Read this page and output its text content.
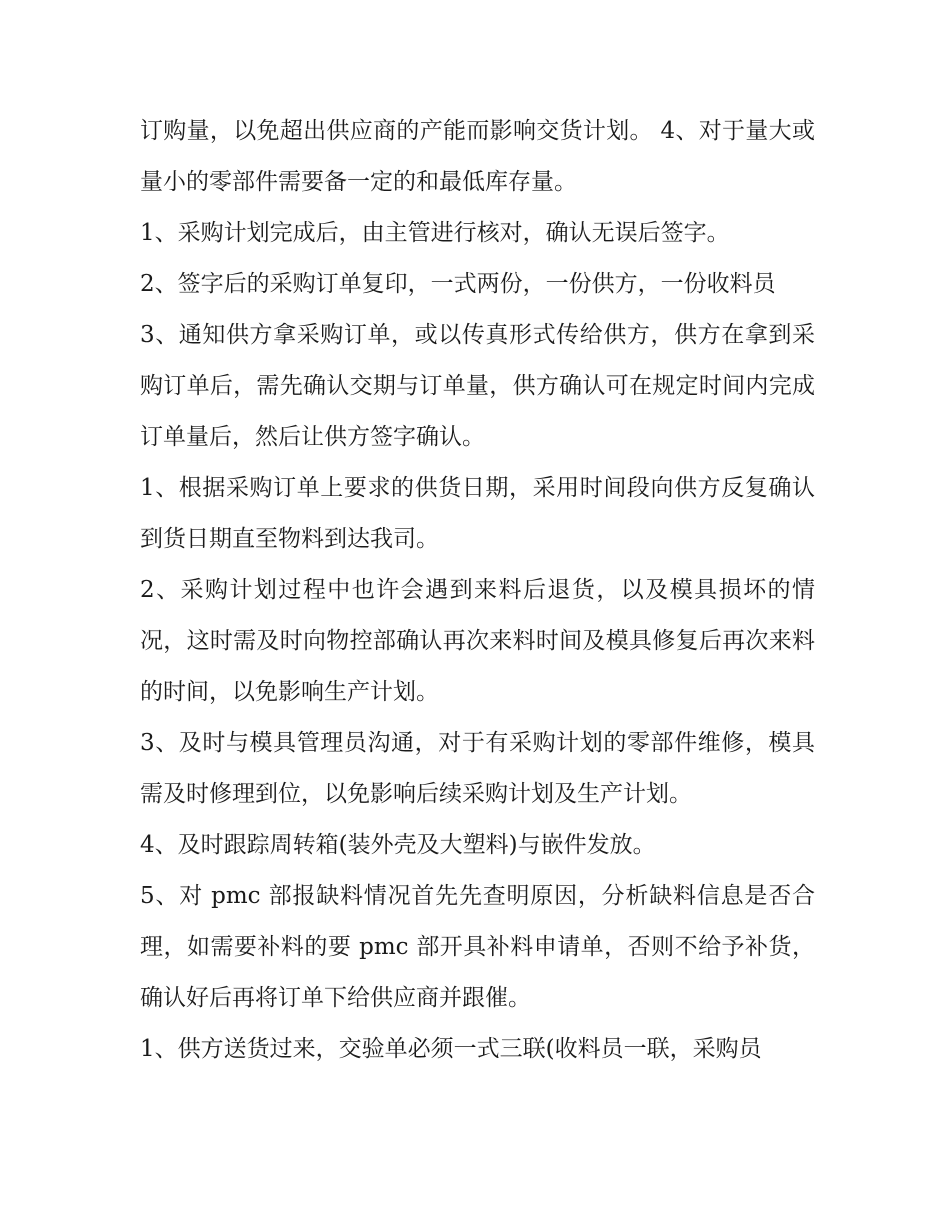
订购量，以免超出供应商的产能而影响交货计划。 4、对于量大或量小的零部件需要备一定的和最低库存量。

1、采购计划完成后，由主管进行核对，确认无误后签字。

2、签字后的采购订单复印，一式两份，一份供方，一份收料员

3、通知供方拿采购订单，或以传真形式传给供方，供方在拿到采购订单后，需先确认交期与订单量，供方确认可在规定时间内完成订单量后，然后让供方签字确认。

1、根据采购订单上要求的供货日期，采用时间段向供方反复确认到货日期直至物料到达我司。

2、采购计划过程中也许会遇到来料后退货，以及模具损坏的情况，这时需及时向物控部确认再次来料时间及模具修复后再次来料的时间，以免影响生产计划。

3、及时与模具管理员沟通，对于有采购计划的零部件维修，模具需及时修理到位，以免影响后续采购计划及生产计划。

4、及时跟踪周转箱(装外壳及大塑料)与嵌件发放。

5、对 pmc 部报缺料情况首先先查明原因，分析缺料信息是否合理，如需要补料的要 pmc 部开具补料申请单，否则不给予补货，确认好后再将订单下给供应商并跟催。

1、供方送货过来，交验单必须一式三联(收料员一联，采购员
